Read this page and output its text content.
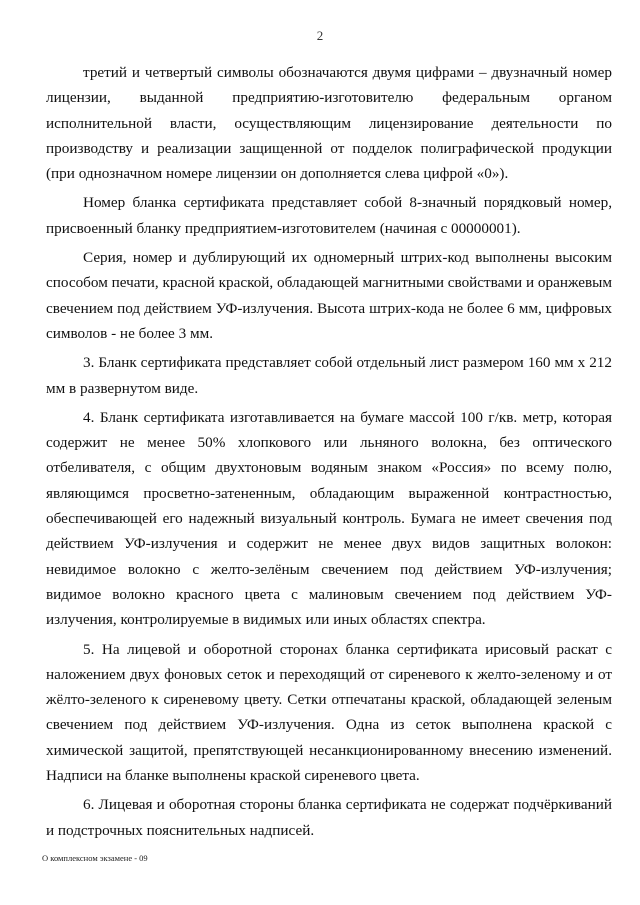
2

третий и четвертый символы обозначаются двумя цифрами – двузначный номер лицензии, выданной предприятию-изготовителю федеральным органом исполнительной власти, осуществляющим лицензирование деятельности по производству и реализации защищенной от подделок полиграфической продукции (при однозначном номере лицензии он дополняется слева цифрой «0»).

Номер бланка сертификата представляет собой 8-значный порядковый номер, присвоенный бланку предприятием-изготовителем (начиная с 00000001).

Серия, номер и дублирующий их одномерный штрих-код выполнены высоким способом печати, красной краской, обладающей магнитными свойствами и оранжевым свечением под действием УФ-излучения. Высота штрих-кода не более 6 мм, цифровых символов - не более 3 мм.

3. Бланк сертификата представляет собой отдельный лист размером 160 мм х 212 мм в развернутом виде.

4. Бланк сертификата изготавливается на бумаге массой 100 г/кв. метр, которая содержит не менее 50% хлопкового или льняного волокна, без оптического отбеливателя, с общим двухтоновым водяным знаком «Россия» по всему полю, являющимся просветно-затененным, обладающим выраженной контрастностью, обеспечивающей его надежный визуальный контроль. Бумага не имеет свечения под действием УФ-излучения и содержит не менее двух видов защитных волокон: невидимое волокно с желто-зелёным свечением под действием УФ-излучения; видимое волокно красного цвета с малиновым свечением под действием УФ-излучения, контролируемые в видимых или иных областях спектра.

5. На лицевой и оборотной сторонах бланка сертификата ирисовый раскат с наложением двух фоновых сеток и переходящий от сиреневого к желто-зеленому и от жёлто-зеленого к сиреневому цвету. Сетки отпечатаны краской, обладающей зеленым свечением под действием УФ-излучения. Одна из сеток выполнена краской с химической защитой, препятствующей несанкционированному внесению изменений. Надписи на бланке выполнены краской сиреневого цвета.

6. Лицевая и оборотная стороны бланка сертификата не содержат подчёркиваний и подстрочных пояснительных надписей.

О комплексном экзамене - 09
